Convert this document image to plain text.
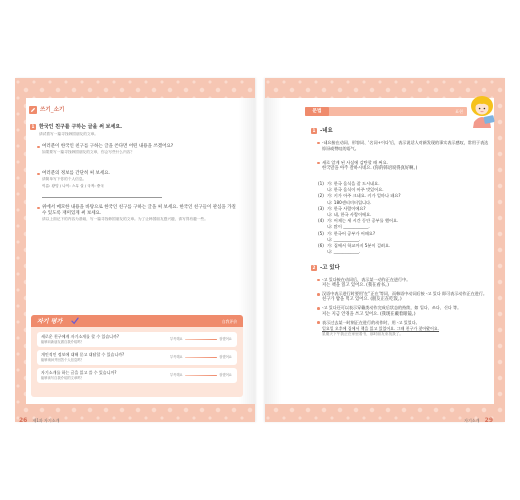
쓰기_소기
1 한국인 친구를 구하는 글을 써 보세요.
请试着写一篇寻找韩国朋友的文章。
여러분이 한국인 친구를 구하는 글을 쓴다면 어떤 내용을 쓰겠어요?
如果要写一篇寻找韩国朋友的文章，你会写些什么内容？
여러분의 정보를 간단히 써 보세요.
请简单写下你的个人信息。
이름: 왕밍 / 나이: 스무 살 / 국적: 중국
위에서 메모한 내용을 바탕으로 한국인 친구를 구하는 글을 써 보세요. 한국인 친구들이 관심을 가질 수 있도록 재미있게 써 보세요.
请以上面记下的内容为基础，写一篇寻找韩国朋友的文章。为了让韩国朋友感兴趣，请写得有趣一些。
자기 평가	自我评价
새로운 친구에게 자기소개를 할 수 있습니까?
能够向新朋友做自我介绍吗？
부족해요	잘했어요
개인적인 정보에 대해 묻고 대답할 수 있습니까?
能够询问并回答个人信息吗？
부족해요	잘했어요
자기소개를 하는 글을 읽고 쓸 수 있습니까?
能够读写自我介绍的文章吗？
부족해요	잘했어요
26 제1과 자기소개
문법	표현
1 -네요
-네요接在动词、形容词、'名词+이다'后，表示说话人对新发现的事实表示感叹，常用于表达惊讶或赞叹的语气。
새로 알게 된 사실에 감탄할 때 써요.
한국말을 아주 잘하시네요. (你的韩语说得真好啊。)
(1) 가: 한국 음식을 잘 드시네요.
나: 한국 음식이 아주 맛있어요.
(2) 가: 키가 아주 크네요. 키가 얼마나 돼요?
나: 180센티미터입니다.
(3) 가: 한국 사람이에요?
나: 네, 한국 사람이에요.
(4) 가: 어제는 세 시간 동안 공부를 했어요.
나: 많이 ____________.
(5) 가: 한국어 공부가 어때요?
나: ____________.
(6) 가: 집에서 학교까지 5분이 걸려요.
나: ____________.
2 -고 있다
-고 있다接在动词后，表示某一动作正在进行中。
저는 책을 읽고 있어요. (我在看书。)
汉语中表示进行时要用'在''正在'等词，而韩语中动词后接 -고 있다 即可表示动作正在进行。
친구가 밥을 먹고 있어요. (朋友正在吃饭。)
-고 있다还可以表示穿戴类动作完成后状态的持续，如 입다、쓰다、신다 等。
저는 지금 안경을 쓰고 있어요. (我现在戴着眼镜。)
表示过去某一时刻正在进行的动作时，用 -고 있었다。
일요일 오후에 집에서 책을 읽고 있었어요. 그때 친구가 찾아왔어요.
星期天下午我正在家里看书，那时朋友来找我了。
자기소개 29
